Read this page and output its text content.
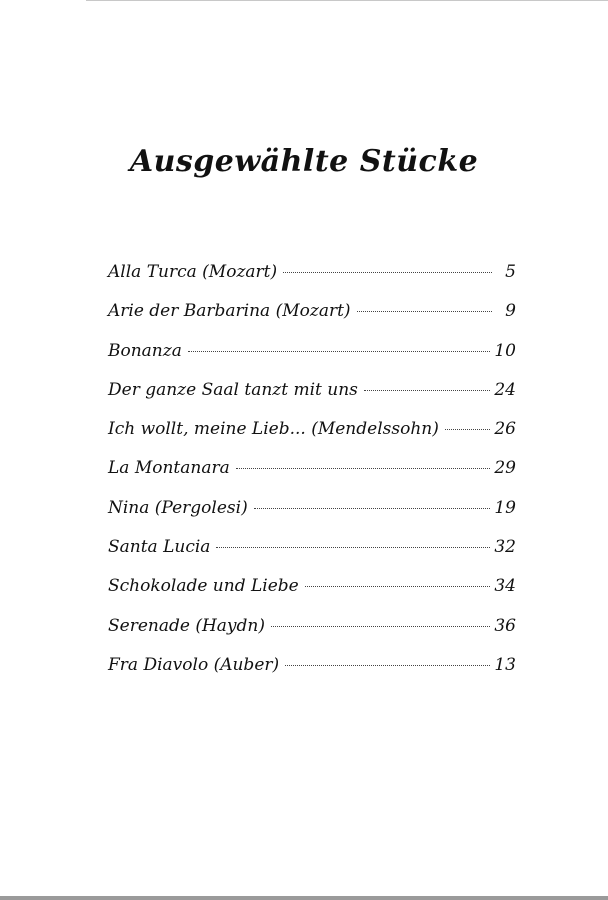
Ausgewählte Stücke
Alla Turca (Mozart)	5
Arie der Barbarina (Mozart)	9
Bonanza	10
Der ganze Saal tanzt mit uns	24
Ich wollt, meine Lieb... (Mendelssohn)	26
La Montanara	29
Nina (Pergolesi)	19
Santa Lucia	32
Schokolade und Liebe	34
Serenade (Haydn)	36
Fra Diavolo (Auber)	13
